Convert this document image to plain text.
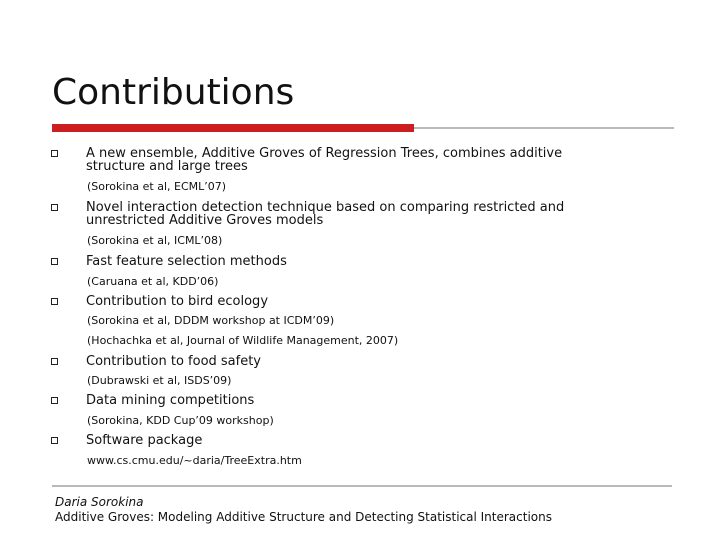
Contributions
A new ensemble, Additive Groves of Regression Trees, combines additive
structure and large trees
(Sorokina et al, ECML’07)
Novel interaction detection technique based on comparing restricted and
unrestricted Additive Groves models
(Sorokina et al, ICML’08)
Fast feature selection methods
(Caruana et al, KDD’06)
Contribution to bird ecology
(Sorokina et al, DDDM workshop at ICDM’09)
(Hochachka et al, Journal of Wildlife Management, 2007)
Contribution to food safety
(Dubrawski et al, ISDS’09)
Data mining competitions
(Sorokina, KDD Cup’09 workshop)
Software package
www.cs.cmu.edu/~daria/TreeExtra.htm
Daria Sorokina
Additive Groves: Modeling Additive Structure and Detecting Statistical Interactions
